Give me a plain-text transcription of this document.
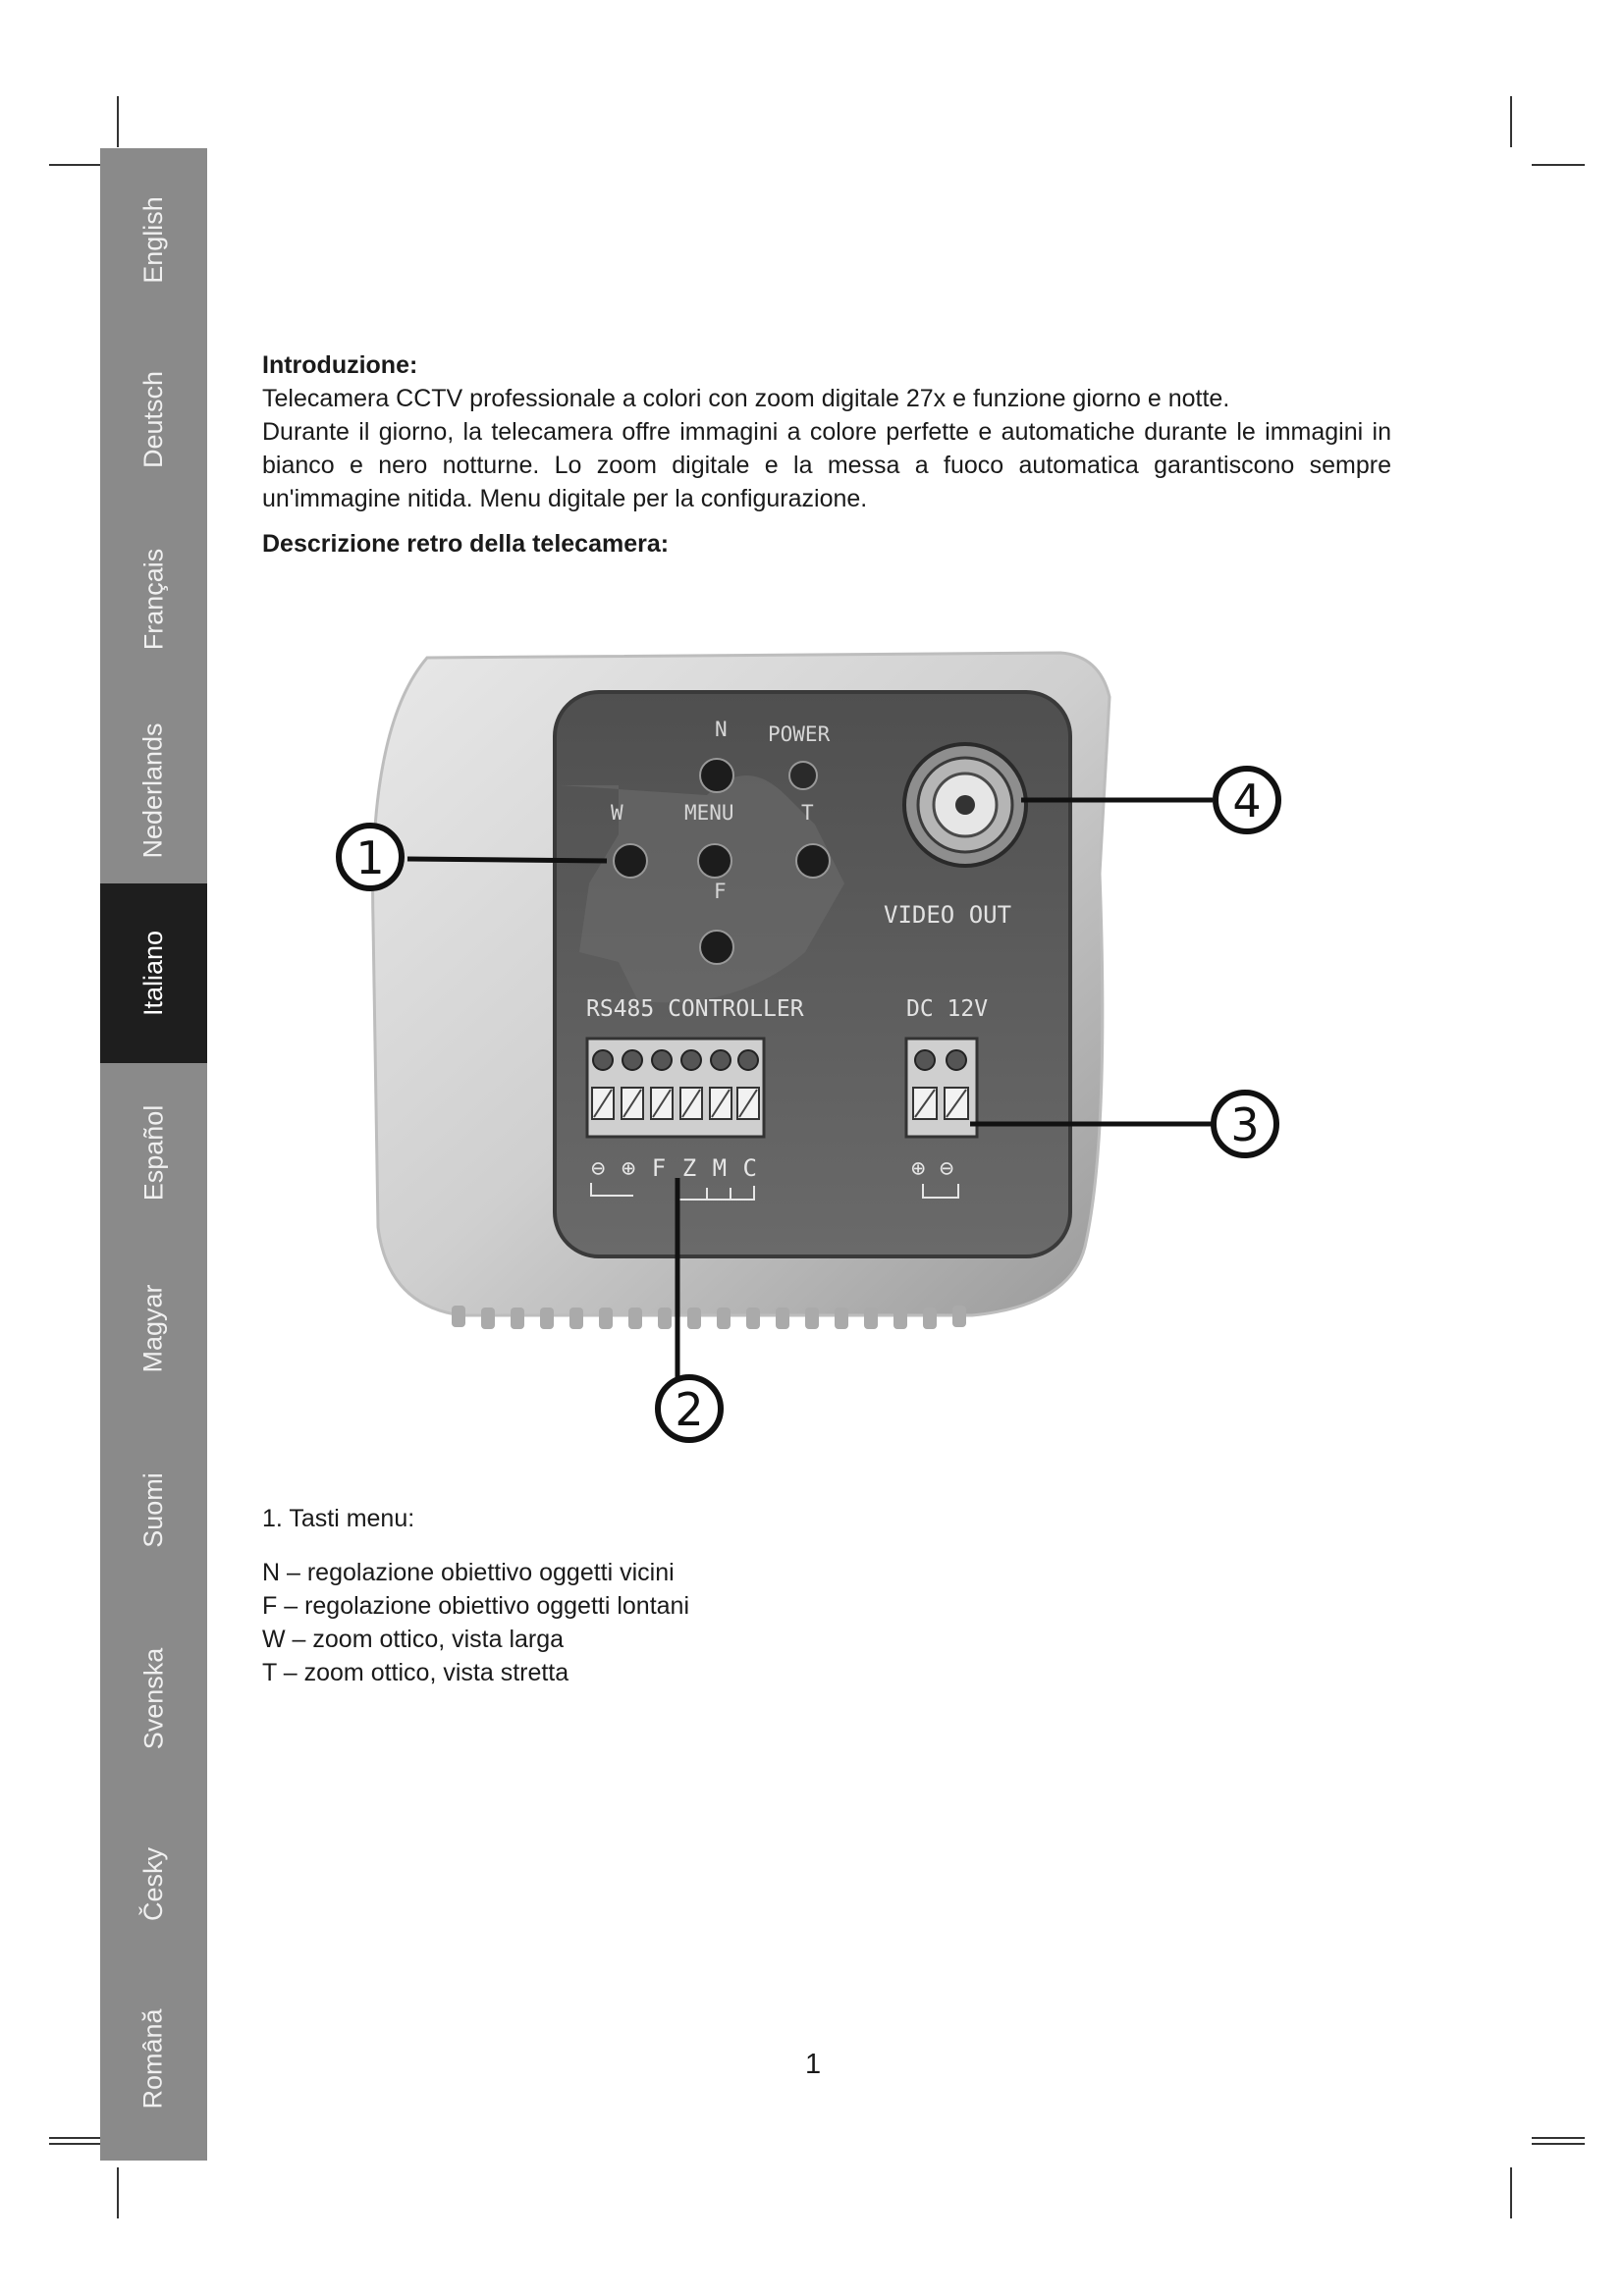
English
Deutsch
Français
Nederlands
Italiano
Español
Magyar
Suomi
Svenska
Česky
Română
Introduzione:
Telecamera CCTV professionale a colori con zoom digitale 27x e funzione giorno e notte.

Durante il giorno, la telecamera offre immagini a colore perfette e automatiche durante le immagini in bianco e nero notturne. Lo zoom digitale e la messa a fuoco automatica garantiscono sempre un'immagine nitida. Menu digitale per la configurazione.

Descrizione retro della telecamera:
N POWER
W	MENU	T
F
VIDEO OUT
RS485 CONTROLLER	DC 12V
⊖ ⊕ F Z M C	⊕ ⊖
1
4
3
2
1. Tasti menu:
N – regolazione obiettivo oggetti vicini
F – regolazione obiettivo oggetti lontani
W – zoom ottico, vista larga
T – zoom ottico, vista stretta
1
